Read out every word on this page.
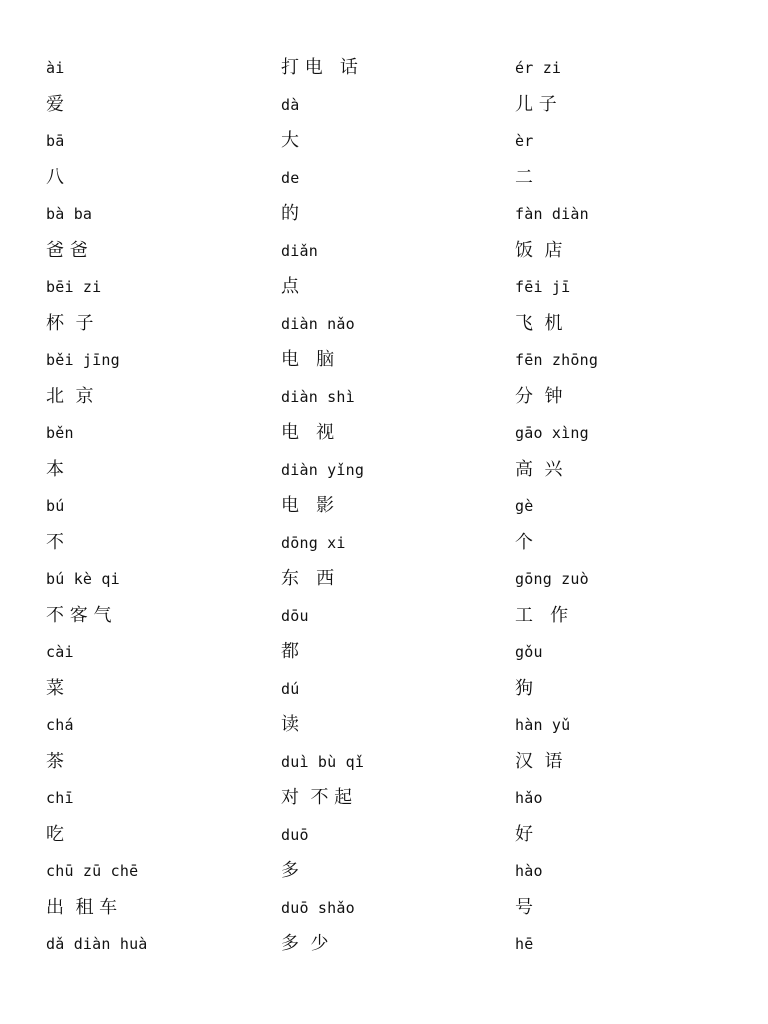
ài
爱
bā
八
bà ba
爸 爸
bēi zi
杯  子
běi jīng
北  京
běn
本
bú
不
bú kè qi
不 客 气
cài
菜
chá
茶
chī
吃
chū zū chē
出  租 车
dǎ diàn huà
打 电   话
dà
大
de
的
diǎn
点
diàn nǎo
电   脑
diàn shì
电   视
diàn yǐng
电   影
dōng xi
东   西
dōu
都
dú
读
duì bù qǐ
对  不 起
duō
多
duō shǎo
多  少
ér zi
儿 子
èr
二
fàn diàn
饭  店
fēi jī
飞  机
fēn zhōng
分  钟
gāo xìng
高  兴
gè
个
gōng zuò
工   作
gǒu
狗
hàn yǔ
汉  语
hǎo
好
hào
号
hē
